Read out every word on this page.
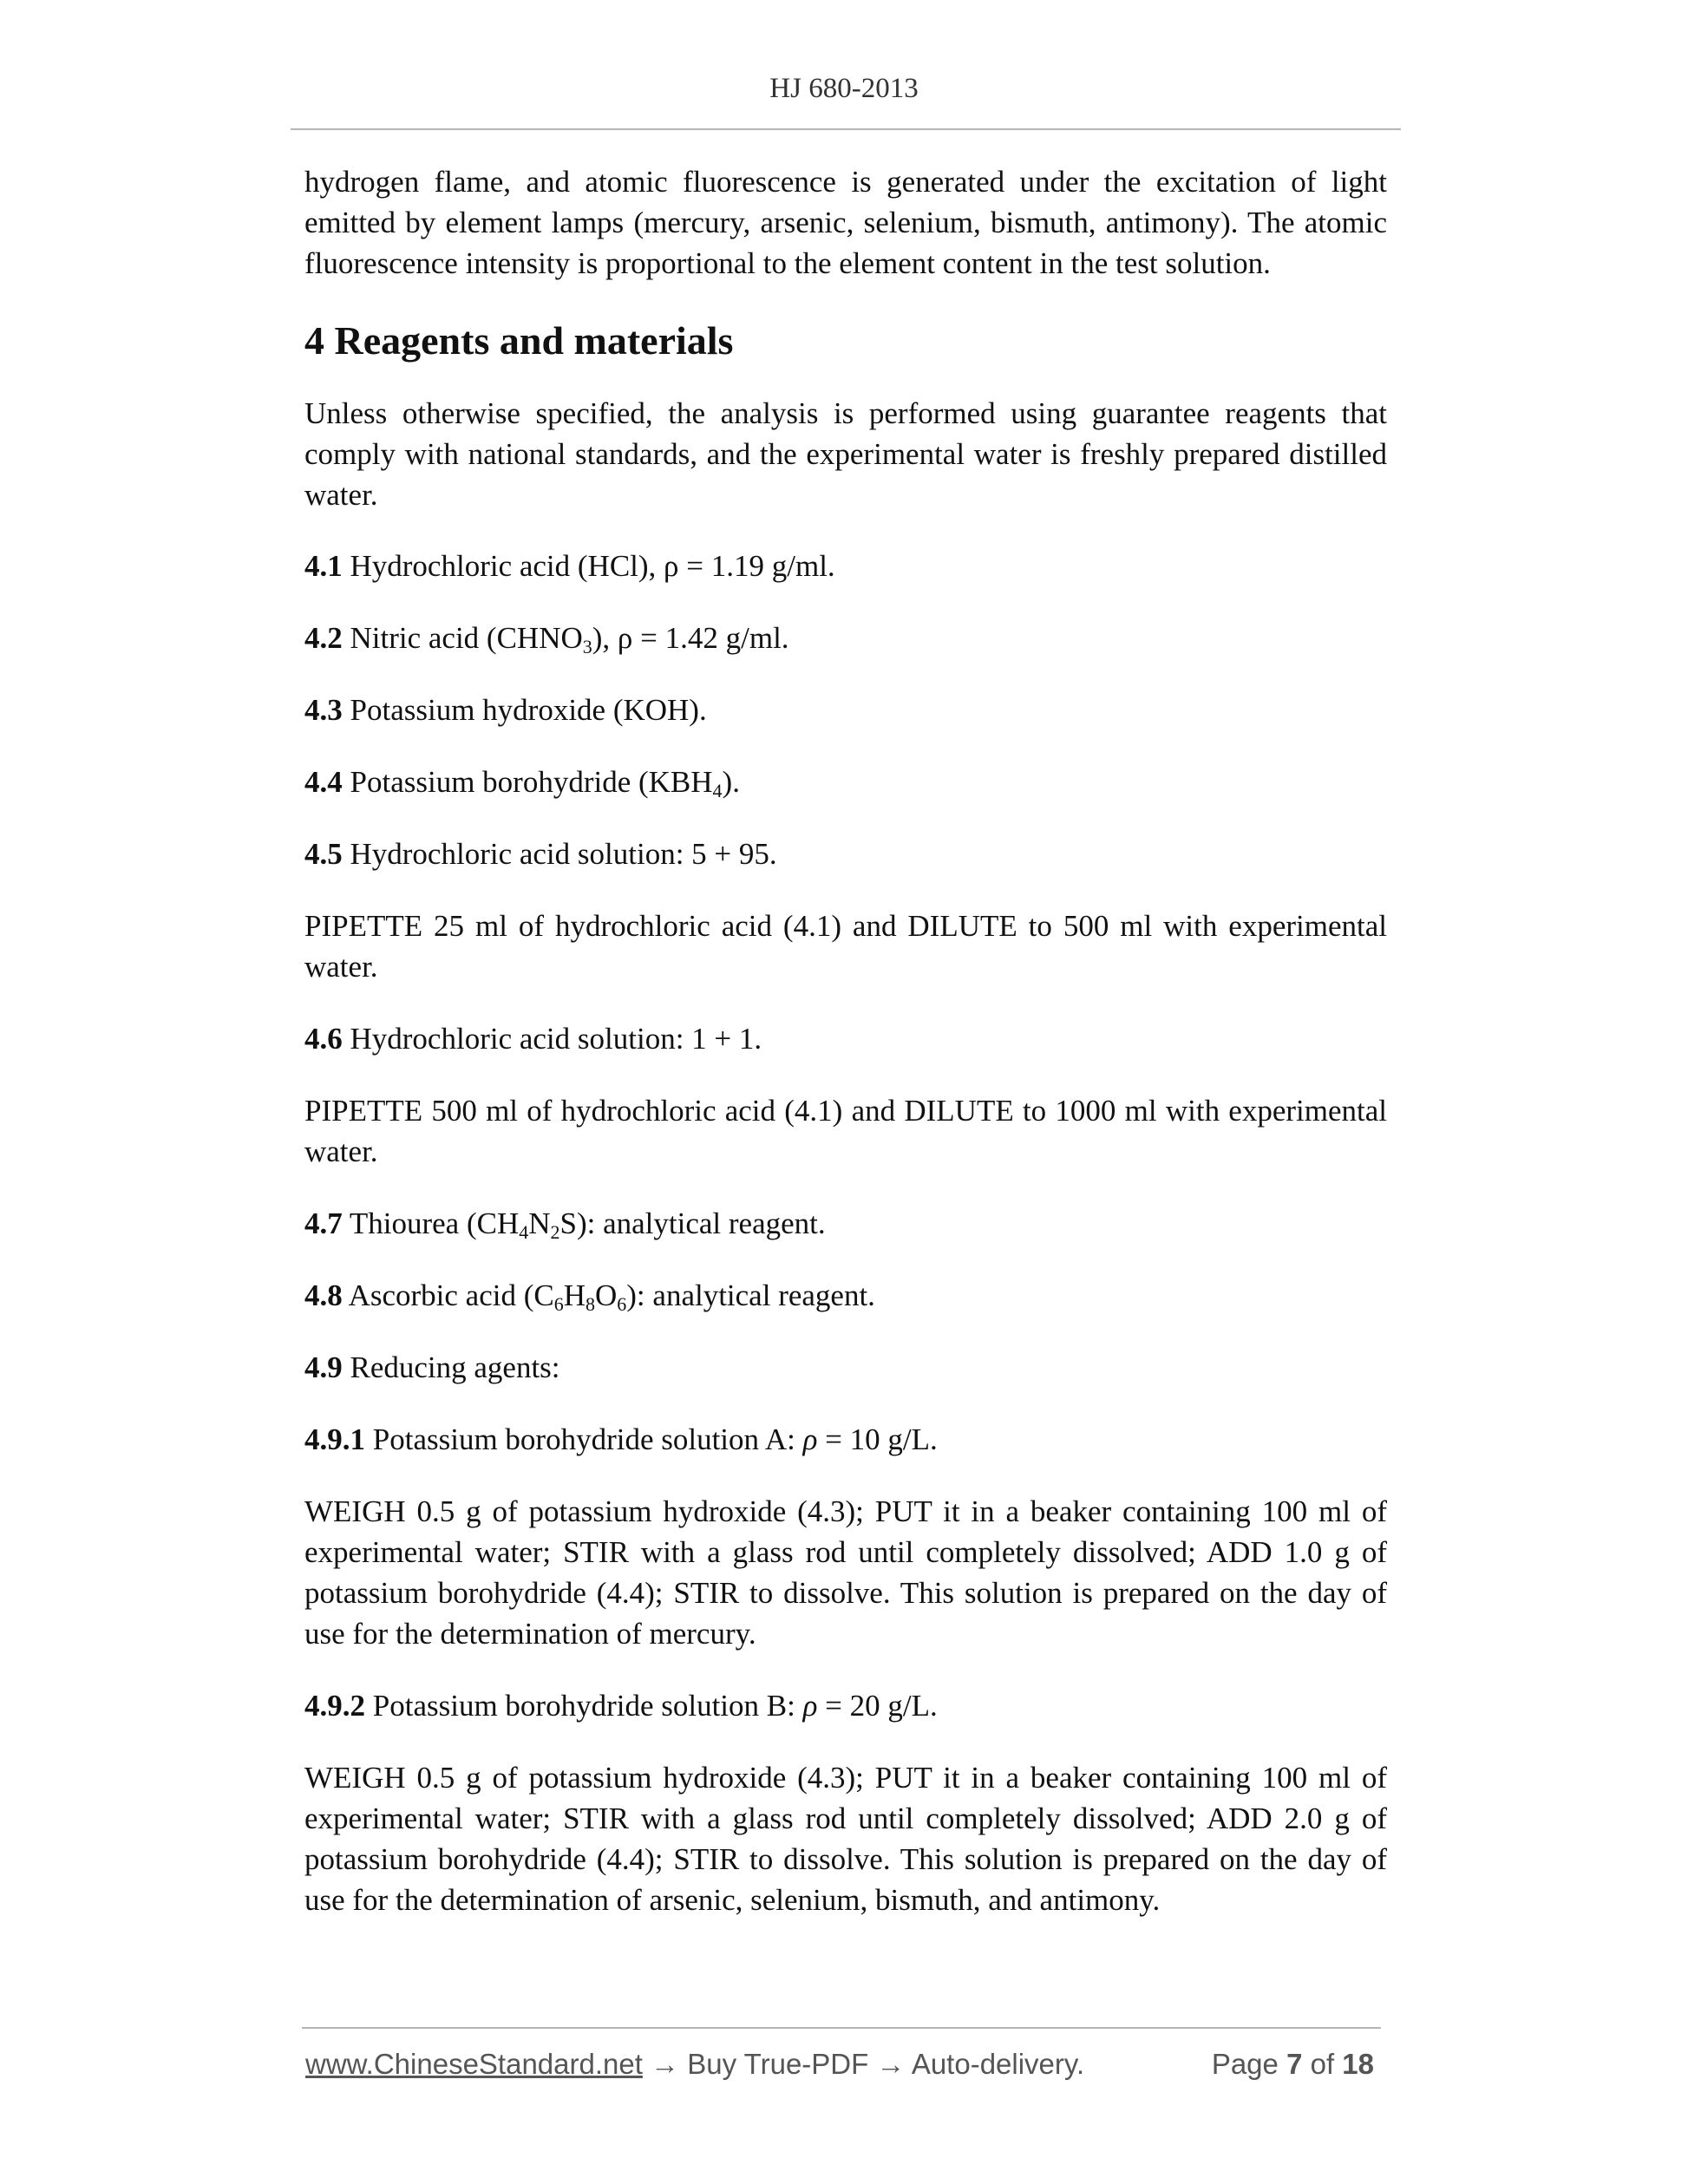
HJ 680-2013

hydrogen flame, and atomic fluorescence is generated under the excitation of light emitted by element lamps (mercury, arsenic, selenium, bismuth, antimony). The atomic fluorescence intensity is proportional to the element content in the test solution.

4 Reagents and materials

Unless otherwise specified, the analysis is performed using guarantee reagents that comply with national standards, and the experimental water is freshly prepared distilled water.

4.1 Hydrochloric acid (HCl), ρ = 1.19 g/ml.
4.2 Nitric acid $(CHNO_3)$, ρ = 1.42 g/ml.
4.3 Potassium hydroxide (KOH).
4.4 Potassium borohydride $(KBH_4)$.
4.5 Hydrochloric acid solution: 5 + 95.

PIPETTE 25 ml of hydrochloric acid (4.1) and DILUTE to 500 ml with experimental water.

4.6 Hydrochloric acid solution: 1 + 1.

PIPETTE 500 ml of hydrochloric acid (4.1) and DILUTE to 1000 ml with experimental water.

4.7 Thiourea $(CH_4N_2S)$: analytical reagent.
4.8 Ascorbic acid $(C_6H_8O_6)$: analytical reagent.
4.9 Reducing agents:
4.9.1 Potassium borohydride solution A: ρ = 10 g/L.

WEIGH 0.5 g of potassium hydroxide (4.3); PUT it in a beaker containing 100 ml of experimental water; STIR with a glass rod until completely dissolved; ADD 1.0 g of potassium borohydride (4.4); STIR to dissolve. This solution is prepared on the day of use for the determination of mercury.

4.9.2 Potassium borohydride solution B: ρ = 20 g/L.

WEIGH 0.5 g of potassium hydroxide (4.3); PUT it in a beaker containing 100 ml of experimental water; STIR with a glass rod until completely dissolved; ADD 2.0 g of potassium borohydride (4.4); STIR to dissolve. This solution is prepared on the day of use for the determination of arsenic, selenium, bismuth, and antimony.

www.ChineseStandard.net → Buy True-PDF → Auto-delivery.	Page 7 of 18
